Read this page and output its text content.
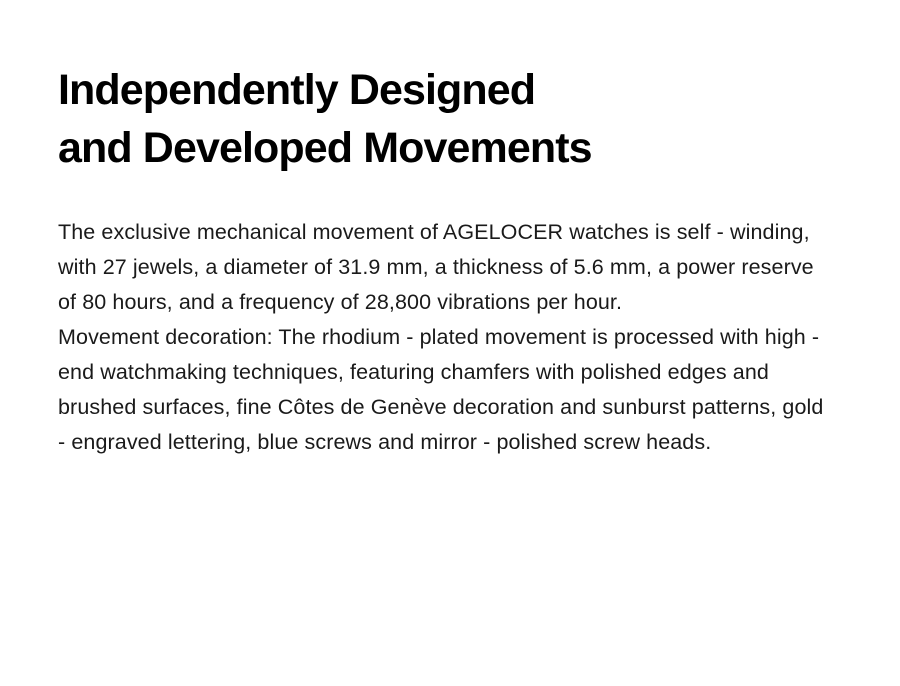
Independently Designed
and Developed Movements

The exclusive mechanical movement of AGELOCER watches is self - winding, with 27 jewels, a diameter of 31.9 mm, a thickness of 5.6 mm, a power reserve of 80 hours, and a frequency of 28,800 vibrations per hour.

Movement decoration: The rhodium - plated movement is processed with high - end watchmaking techniques, featuring chamfers with polished edges and brushed surfaces, fine Côtes de Genève decoration and sunburst patterns, gold - engraved lettering, blue screws and mirror - polished screw heads.
